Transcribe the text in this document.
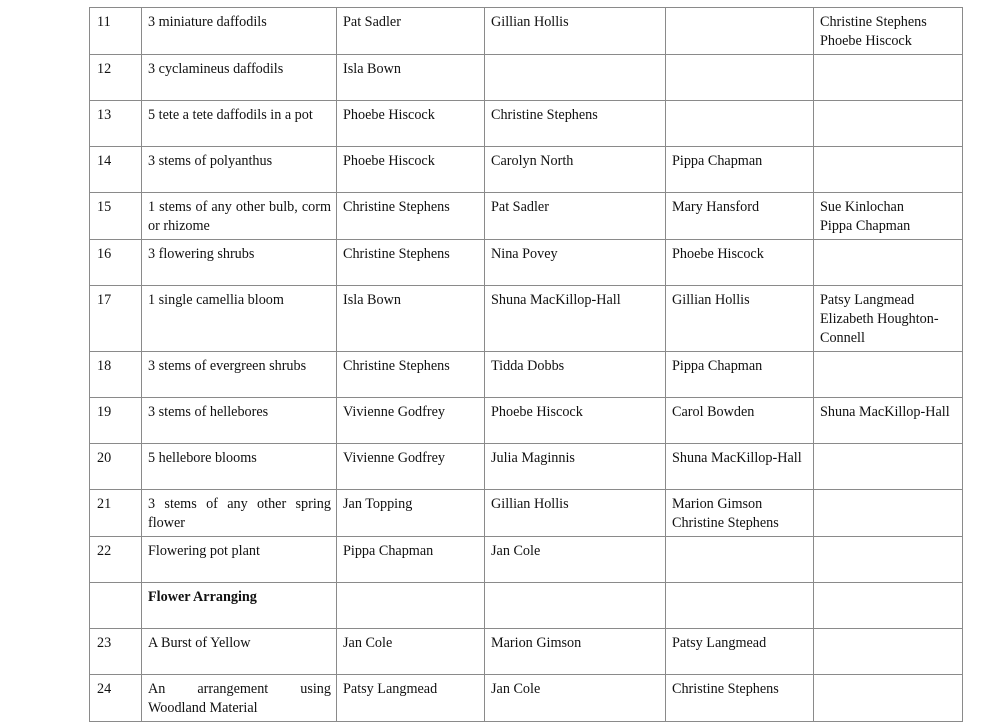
11	3 miniature daffodils	Pat Sadler	Gillian Hollis		Christine Stephens
Phoebe Hiscock
12	3 cyclamineus daffodils	Isla Bown			
13	5 tete a tete daffodils in a pot	Phoebe Hiscock	Christine Stephens		
14	3 stems of polyanthus	Phoebe Hiscock	Carolyn North	Pippa Chapman	
15	1 stems of any other bulb, corm or rhizome	Christine Stephens	Pat Sadler	Mary Hansford	Sue Kinlochan
Pippa Chapman
16	3 flowering shrubs	Christine Stephens	Nina Povey	Phoebe Hiscock	
17	1 single camellia bloom	Isla Bown	Shuna MacKillop-Hall	Gillian Hollis	Patsy Langmead
Elizabeth Houghton-
Connell
18	3 stems of evergreen shrubs	Christine Stephens	Tidda Dobbs	Pippa Chapman	
19	3 stems of hellebores	Vivienne Godfrey	Phoebe Hiscock	Carol Bowden	Shuna MacKillop-Hall
20	5 hellebore blooms	Vivienne Godfrey	Julia Maginnis	Shuna MacKillop-Hall	
21	3 stems of any other spring flower	Jan Topping	Gillian Hollis	Marion Gimson
Christine Stephens	
22	Flowering pot plant	Pippa Chapman	Jan Cole		
	Flower Arranging				
23	A Burst of Yellow	Jan Cole	Marion Gimson	Patsy Langmead	
24	An arrangement using Woodland Material	Patsy Langmead	Jan Cole	Christine Stephens	
